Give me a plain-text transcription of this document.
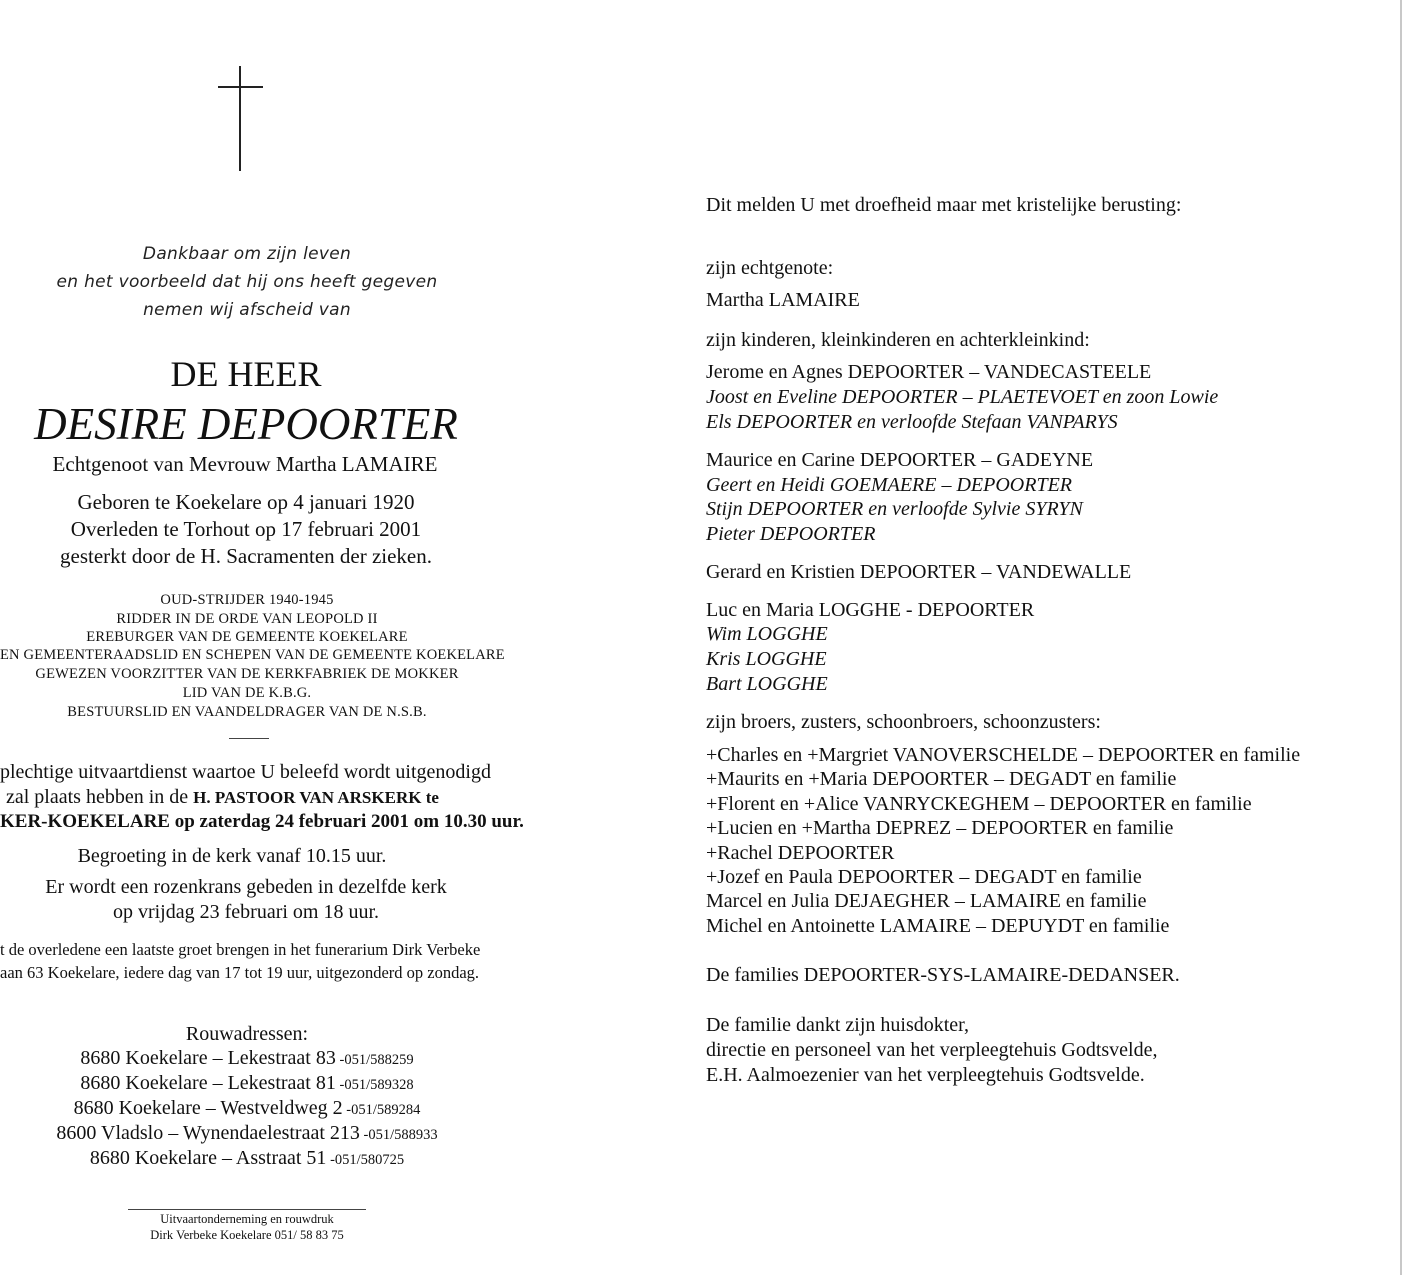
Dankbaar om zijn leven
en het voorbeeld dat hij ons heeft gegeven
nemen wij afscheid van
DE HEER
DESIRE DEPOORTER
Echtgenoot van Mevrouw Martha LAMAIRE
Geboren te Koekelare op 4 januari 1920
Overleden te Torhout op 17 februari 2001
gesterkt door de H. Sacramenten der zieken.
OUD-STRIJDER 1940-1945
RIDDER IN DE ORDE VAN LEOPOLD II
EREBURGER VAN DE GEMEENTE KOEKELARE
EN GEMEENTERAADSLID EN SCHEPEN VAN DE GEMEENTE KOEKELARE
GEWEZEN VOORZITTER VAN DE KERKFABRIEK DE MOKKER
LID VAN DE K.B.G.
BESTUURSLID EN VAANDELDRAGER VAN DE N.S.B.
plechtige uitvaartdienst waartoe U beleefd wordt uitgenodigd
zal plaats hebben in de H. PASTOOR VAN ARSKERK te
KER-KOEKELARE op zaterdag 24 februari 2001 om 10.30 uur.
Begroeting in de kerk vanaf 10.15 uur.
Er wordt een rozenkrans gebeden in dezelfde kerk
op vrijdag 23 februari om 18 uur.
t de overledene een laatste groet brengen in het funerarium Dirk Verbeke
aan 63 Koekelare, iedere dag van 17 tot 19 uur, uitgezonderd op zondag.
Rouwadressen:
8680 Koekelare – Lekestraat 83 -051/588259
8680 Koekelare – Lekestraat 81 -051/589328
8680 Koekelare – Westveldweg 2 -051/589284
8600 Vladslo – Wynendaelestraat 213 -051/588933
8680 Koekelare – Asstraat 51 -051/580725
Uitvaartonderneming en rouwdruk
Dirk Verbeke Koekelare 051/ 58 83 75
Dit melden U met droefheid maar met kristelijke berusting:
zijn echtgenote:
Martha LAMAIRE
zijn kinderen, kleinkinderen en achterkleinkind:
Jerome en Agnes DEPOORTER – VANDECASTEELE
Joost en Eveline DEPOORTER – PLAETEVOET en zoon Lowie
Els DEPOORTER en verloofde Stefaan VANPARYS
Maurice en Carine DEPOORTER – GADEYNE
Geert en Heidi GOEMAERE – DEPOORTER
Stijn DEPOORTER en verloofde Sylvie SYRYN
Pieter DEPOORTER
Gerard en Kristien DEPOORTER – VANDEWALLE
Luc en Maria LOGGHE - DEPOORTER
Wim LOGGHE
Kris LOGGHE
Bart LOGGHE
zijn broers, zusters, schoonbroers, schoonzusters:
+Charles en +Margriet VANOVERSCHELDE – DEPOORTER en familie
+Maurits en +Maria DEPOORTER – DEGADT en familie
+Florent en +Alice VANRYCKEGHEM – DEPOORTER en familie
+Lucien en +Martha DEPREZ – DEPOORTER en familie
+Rachel DEPOORTER
+Jozef en Paula DEPOORTER – DEGADT en familie
Marcel en Julia DEJAEGHER – LAMAIRE en familie
Michel en Antoinette LAMAIRE – DEPUYDT en familie
De families DEPOORTER-SYS-LAMAIRE-DEDANSER.
De familie dankt zijn huisdokter,
directie en personeel van het verpleegtehuis Godtsvelde,
E.H. Aalmoezenier van het verpleegtehuis Godtsvelde.
